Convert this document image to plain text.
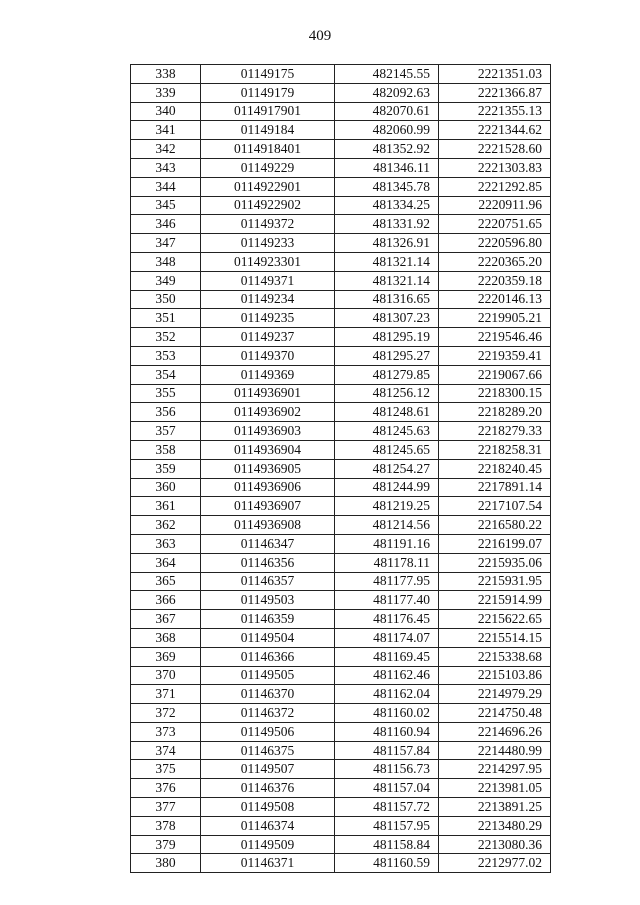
409
338	01149175	482145.55	2221351.03
339	01149179	482092.63	2221366.87
340	0114917901	482070.61	2221355.13
341	01149184	482060.99	2221344.62
342	0114918401	481352.92	2221528.60
343	01149229	481346.11	2221303.83
344	0114922901	481345.78	2221292.85
345	0114922902	481334.25	2220911.96
346	01149372	481331.92	2220751.65
347	01149233	481326.91	2220596.80
348	0114923301	481321.14	2220365.20
349	01149371	481321.14	2220359.18
350	01149234	481316.65	2220146.13
351	01149235	481307.23	2219905.21
352	01149237	481295.19	2219546.46
353	01149370	481295.27	2219359.41
354	01149369	481279.85	2219067.66
355	0114936901	481256.12	2218300.15
356	0114936902	481248.61	2218289.20
357	0114936903	481245.63	2218279.33
358	0114936904	481245.65	2218258.31
359	0114936905	481254.27	2218240.45
360	0114936906	481244.99	2217891.14
361	0114936907	481219.25	2217107.54
362	0114936908	481214.56	2216580.22
363	01146347	481191.16	2216199.07
364	01146356	481178.11	2215935.06
365	01146357	481177.95	2215931.95
366	01149503	481177.40	2215914.99
367	01146359	481176.45	2215622.65
368	01149504	481174.07	2215514.15
369	01146366	481169.45	2215338.68
370	01149505	481162.46	2215103.86
371	01146370	481162.04	2214979.29
372	01146372	481160.02	2214750.48
373	01149506	481160.94	2214696.26
374	01146375	481157.84	2214480.99
375	01149507	481156.73	2214297.95
376	01146376	481157.04	2213981.05
377	01149508	481157.72	2213891.25
378	01146374	481157.95	2213480.29
379	01149509	481158.84	2213080.36
380	01146371	481160.59	2212977.02
